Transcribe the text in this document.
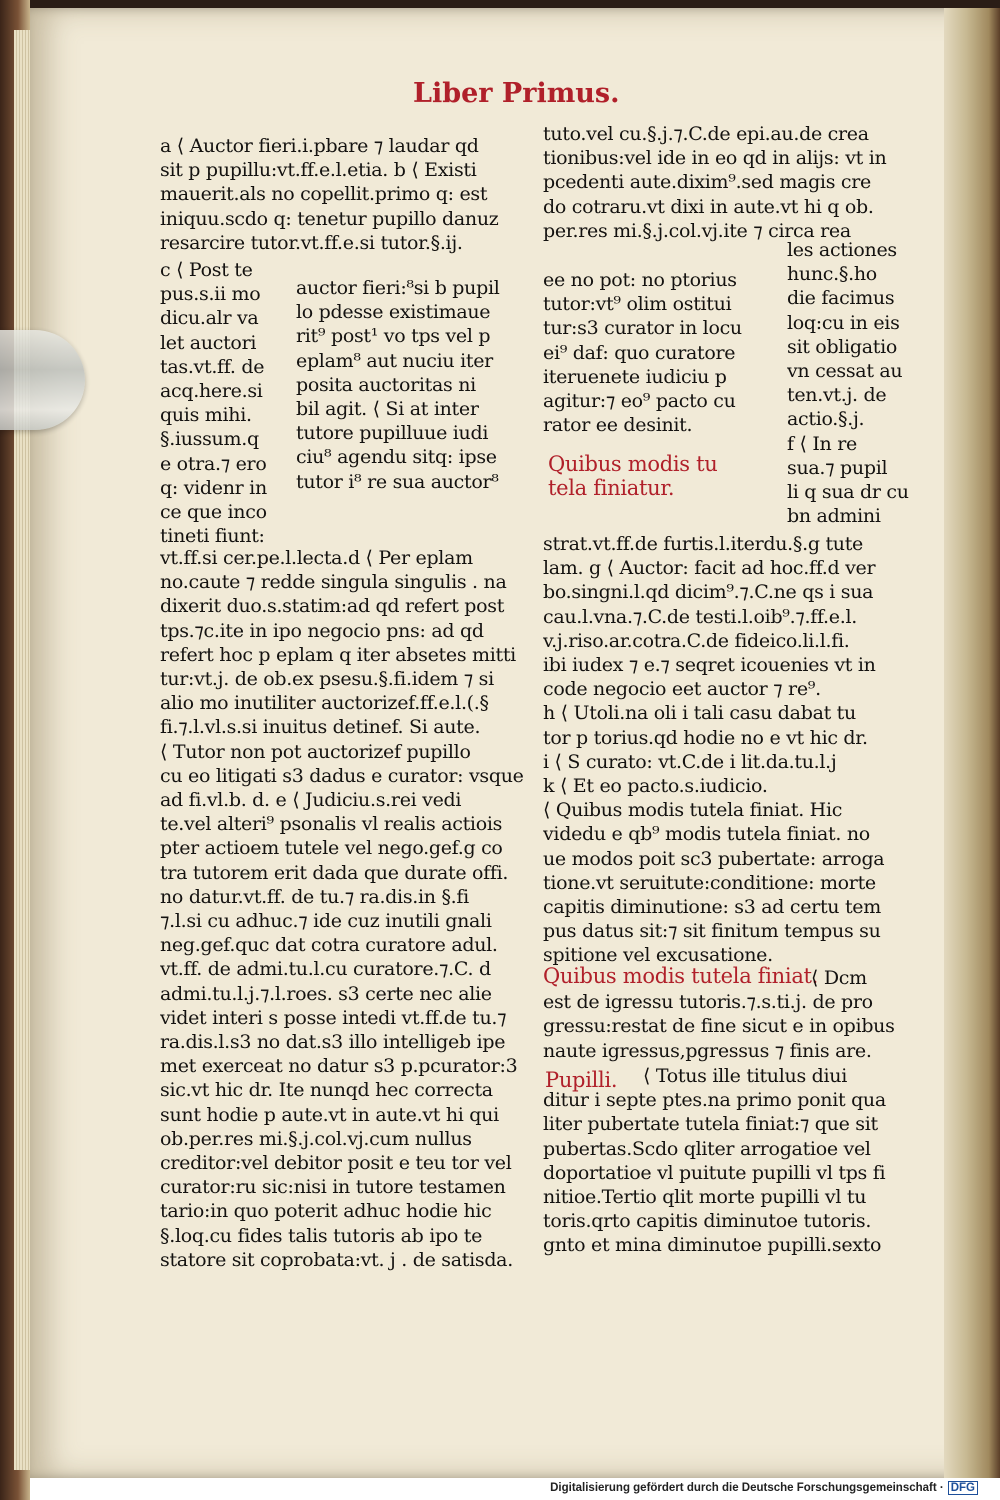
Liber Primus.
a ⟨ Auctor fieri.i.pbare ⁊ laudar qd
sit p pupillu:vt.ff.e.l.etia. b ⟨ Existi
mauerit.als no copellit.primo q: est
iniquu.scdo q: tenetur pupillo danuz
resarcire tutor.vt.ff.e.si tutor.§.ij.
c ⟨ Post te
pus.s.ii mo
dicu.alr va
let auctori
tas.vt.ff. de
acq.here.si
quis mihi.
§.iussum.q
e otra.⁊ ero
q: videnr in
ce que inco
tineti fiunt:
auctor fieri:⁸si b pupil
lo pdesse existimaue
rit⁹ post¹ vo tps vel p
eplam⁸ aut nuciu iter
posita auctoritas ni
bil agit. ⟨ Si at inter
tutore pupilluue iudi
ciu⁸ agendu sitq: ipse
tutor i⁸ re sua auctor⁸
vt.ff.si cer.pe.l.lecta.d ⟨ Per eplam
no.caute ⁊ redde singula singulis . na
dixerit duo.s.statim:ad qd refert post
tps.⁊c.ite in ipo negocio pns: ad qd
refert hoc p eplam q iter absetes mitti
tur:vt.j. de ob.ex psesu.§.fi.idem ⁊ si
alio mo inutiliter auctorizef.ff.e.l.(.§
fi.⁊.l.vl.s.si inuitus detinef. Si aute.
⟨ Tutor non pot auctorizef pupillo
cu eo litigati s3 dadus e curator: vsque
ad fi.vl.b. d. e ⟨ Judiciu.s.rei vedi
te.vel alteri⁹ psonalis vl realis actiois
pter actioem tutele vel nego.gef.g co
tra tutorem erit dada que durate offi.
no datur.vt.ff. de tu.⁊ ra.dis.in §.fi
⁊.l.si cu adhuc.⁊ ide cuz inutili gnali
neg.gef.quc dat cotra curatore adul.
vt.ff. de admi.tu.l.cu curatore.⁊.C. d
admi.tu.l.j.⁊.l.roes. s3 certe nec alie
videt interi s posse intedi vt.ff.de tu.⁊
ra.dis.l.s3 no dat.s3 illo intelligeb ipe
met exerceat no datur s3 p.pcurator:3
sic.vt hic dr. Ite nunqd hec correcta
sunt hodie p aute.vt in aute.vt hi qui
ob.per.res mi.§.j.col.vj.cum nullus
creditor:vel debitor posit e teu tor vel
curator:ru sic:nisi in tutore testamen
tario:in quo poterit adhuc hodie hic
§.loq.cu fides talis tutoris ab ipo te
statore sit coprobata:vt. j . de satisda.
tuto.vel cu.§.j.⁊.C.de epi.au.de crea
tionibus:vel ide in eo qd in alijs: vt in
pcedenti aute.dixim⁹.sed magis cre
do cotraru.vt dixi in aute.vt hi q ob.
per.res mi.§.j.col.vj.ite ⁊ circa rea
ee no pot: no ptorius
tutor:vt⁹ olim ostitui
tur:s3 curator in locu
ei⁹ daf: quo curatore
iteruenete iudiciu p
agitur:⁊ eo⁹ pacto cu
rator ee desinit.
les actiones
hunc.§.ho
die facimus
loq:cu in eis
sit obligatio
vn cessat au
ten.vt.j. de
actio.§.j.
f ⟨ In re
sua.⁊ pupil
li q sua dr cu
bn admini
Quibus modis tu
tela finiatur.
strat.vt.ff.de furtis.l.iterdu.§.g tute
lam. g ⟨ Auctor: facit ad hoc.ff.d ver
bo.singni.l.qd dicim⁹.⁊.C.ne qs i sua
cau.l.vna.⁊.C.de testi.l.oib⁹.⁊.ff.e.l.
v.j.riso.ar.cotra.C.de fideico.li.l.fi.
ibi iudex ⁊ e.⁊ seqret icouenies vt in
code negocio eet auctor ⁊ re⁹.
h ⟨ Utoli.na oli i tali casu dabat tu
tor p torius.qd hodie no e vt hic dr.
i ⟨ S curato: vt.C.de i lit.da.tu.l.j
k ⟨ Et eo pacto.s.iudicio.
⟨ Quibus modis tutela finiat. Hic
videdu e qb⁹ modis tutela finiat. no
ue modos poit sc3 pubertate: arroga
tione.vt seruitute:conditione: morte
capitis diminutione: s3 ad certu tem
pus datus sit:⁊ sit finitum tempus su
spitione vel excusatione.
Quibus modis tutela finiat.
⟨ Dcm
est de igressu tutoris.⁊.s.ti.j. de pro
gressu:restat de fine sicut e in opibus
naute igressus,pgressus ⁊ finis are.
Pupilli.	⟨ Totus ille titulus diui
ditur i septe ptes.na primo ponit qua
liter pubertate tutela finiat:⁊ que sit
pubertas.Scdo qliter arrogatioe vel
doportatioe vl puitute pupilli vl tps fi
nitioe.Tertio qlit morte pupilli vl tu
toris.qrto capitis diminutoe tutoris.
gnto et mina diminutoe pupilli.sexto
Digitalisierung gefördert durch die Deutsche Forschungsgemeinschaft · DFG
